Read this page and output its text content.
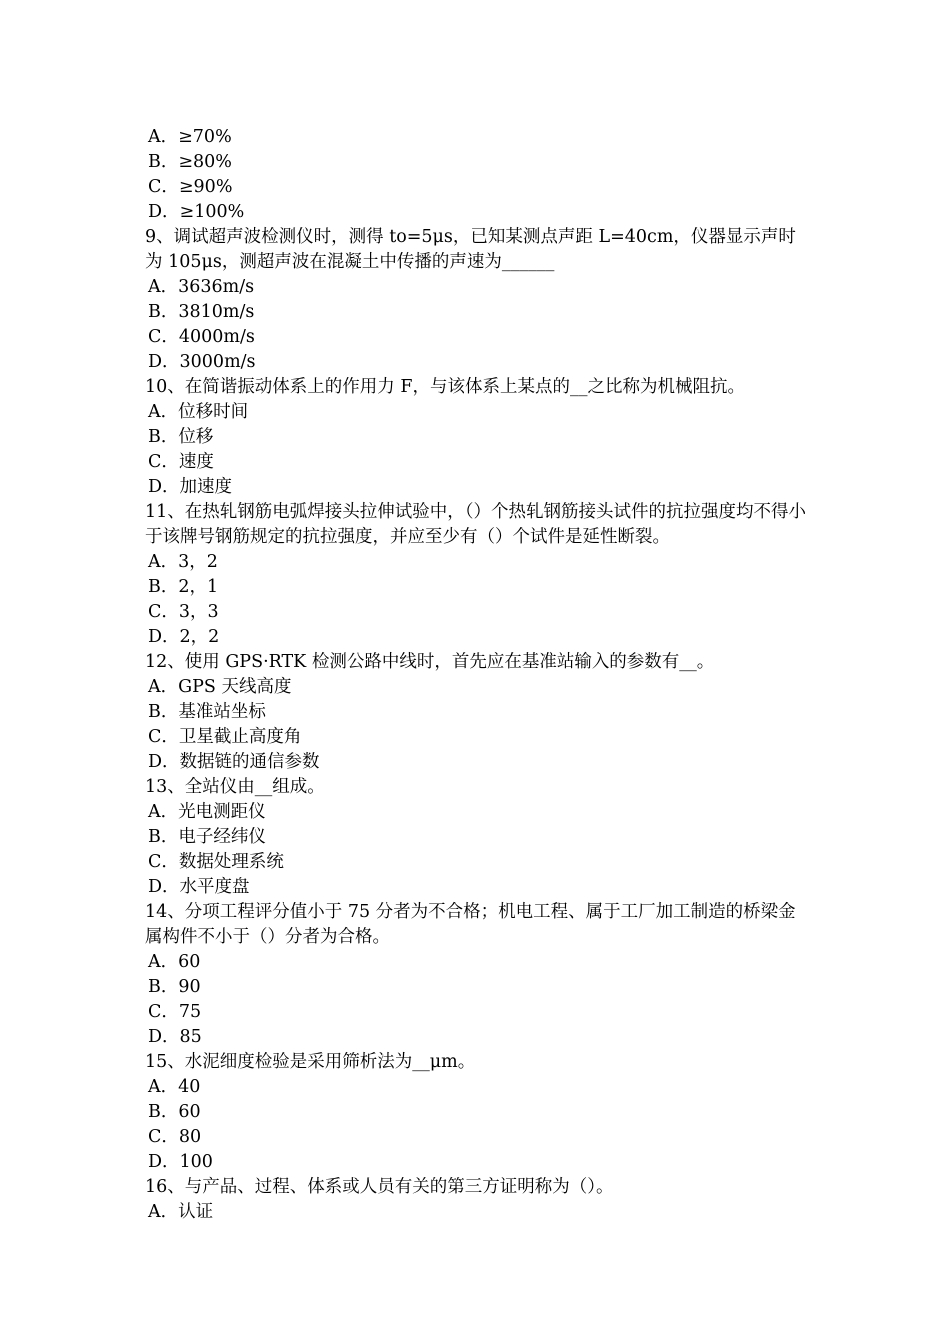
A．≥70%
B．≥80%
C．≥90%
D．≥100%
9、调试超声波检测仪时，测得 to=5μs，已知某测点声距 L=40cm，仪器显示声时为 105μs，测超声波在混凝土中传播的声速为______
A．3636m/s
B．3810m/s
C．4000m/s
D．3000m/s
10、在简谐振动体系上的作用力 F，与该体系上某点的__之比称为机械阻抗。
A．位移时间
B．位移
C．速度
D．加速度
11、在热轧钢筋电弧焊接头拉伸试验中，（）个热轧钢筋接头试件的抗拉强度均不得小于该牌号钢筋规定的抗拉强度，并应至少有（）个试件是延性断裂。
A．3，2
B．2，1
C．3，3
D．2，2
12、使用 GPS·RTK 检测公路中线时，首先应在基准站输入的参数有__。
A．GPS 天线高度
B．基准站坐标
C．卫星截止高度角
D．数据链的通信参数
13、全站仪由__组成。
A．光电测距仪
B．电子经纬仪
C．数据处理系统
D．水平度盘
14、分项工程评分值小于 75 分者为不合格；机电工程、属于工厂加工制造的桥梁金属构件不小于（）分者为合格。
A．60
B．90
C．75
D．85
15、水泥细度检验是采用筛析法为__μm。
A．40
B．60
C．80
D．100
16、与产品、过程、体系或人员有关的第三方证明称为（）。
A．认证
